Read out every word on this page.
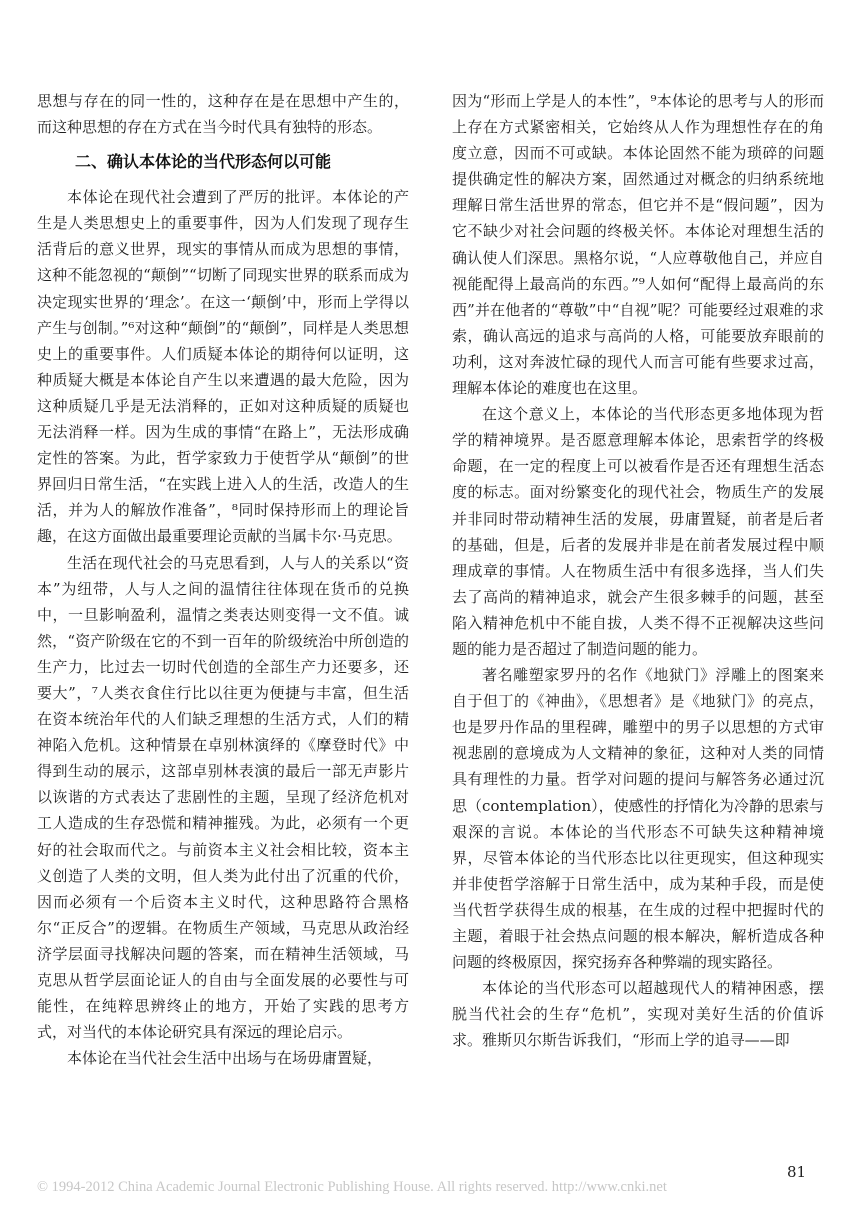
思想与存在的同一性的，这种存在是在思想中产生的，而这种思想的存在方式在当今时代具有独特的形态。

二、确认本体论的当代形态何以可能

本体论在现代社会遭到了严厉的批评。本体论的产生是人类思想史上的重要事件，因为人们发现了现存生活背后的意义世界，现实的事情从而成为思想的事情，这种不能忽视的“颠倒”“切断了同现实世界的联系而成为决定现实世界的‘理念’。在这一‘颠倒’中，形而上学得以产生与创制。”⁶对这种“颠倒”的“颠倒”，同样是人类思想史上的重要事件。人们质疑本体论的期待何以证明，这种质疑大概是本体论自产生以来遭遇的最大危险，因为这种质疑几乎是无法消释的，正如对这种质疑的质疑也无法消释一样。因为生成的事情“在路上”，无法形成确定性的答案。为此，哲学家致力于使哲学从“颠倒”的世界回归日常生活，“在实践上进入人的生活，改造人的生活，并为人的解放作准备”，⁸同时保持形而上的理论旨趣，在这方面做出最重要理论贡献的当属卡尔·马克思。

生活在现代社会的马克思看到，人与人的关系以“资本”为纽带，人与人之间的温情往往体现在货币的兑换中，一旦影响盈利，温情之类表达则变得一文不值。诚然，“资产阶级在它的不到一百年的阶级统治中所创造的生产力，比过去一切时代创造的全部生产力还要多，还要大”，⁷人类衣食住行比以往更为便捷与丰富，但生活在资本统治年代的人们缺乏理想的生活方式，人们的精神陷入危机。这种情景在卓别林演绎的《摩登时代》中得到生动的展示，这部卓别林表演的最后一部无声影片以诙谐的方式表达了悲剧性的主题，呈现了经济危机对工人造成的生存恐慌和精神摧残。为此，必须有一个更好的社会取而代之。与前资本主义社会相比较，资本主义创造了人类的文明，但人类为此付出了沉重的代价，因而必须有一个后资本主义时代，这种思路符合黑格尔“正反合”的逻辑。在物质生产领域，马克思从政治经济学层面寻找解决问题的答案，而在精神生活领域，马克思从哲学层面论证人的自由与全面发展的必要性与可能性，在纯粹思辨终止的地方，开始了实践的思考方式，对当代的本体论研究具有深远的理论启示。

本体论在当代社会生活中出场与在场毋庸置疑，

因为“形而上学是人的本性”，⁹本体论的思考与人的形而上存在方式紧密相关，它始终从人作为理想性存在的角度立意，因而不可或缺。本体论固然不能为琐碎的问题提供确定性的解决方案，固然通过对概念的归纳系统地理解日常生活世界的常态，但它并不是“假问题”，因为它不缺少对社会问题的终极关怀。本体论对理想生活的确认使人们深思。黑格尔说，“人应尊敬他自己，并应自视能配得上最高尚的东西。”⁹人如何“配得上最高尚的东西”并在他者的“尊敬”中“自视”呢？可能要经过艰难的求索，确认高远的追求与高尚的人格，可能要放弃眼前的功利，这对奔波忙碌的现代人而言可能有些要求过高，理解本体论的难度也在这里。

在这个意义上，本体论的当代形态更多地体现为哲学的精神境界。是否愿意理解本体论，思索哲学的终极命题，在一定的程度上可以被看作是否还有理想生活态度的标志。面对纷繁变化的现代社会，物质生产的发展并非同时带动精神生活的发展，毋庸置疑，前者是后者的基础，但是，后者的发展并非是在前者发展过程中顺理成章的事情。人在物质生活中有很多选择，当人们失去了高尚的精神追求，就会产生很多棘手的问题，甚至陷入精神危机中不能自拔，人类不得不正视解决这些问题的能力是否超过了制造问题的能力。

著名雕塑家罗丹的名作《地狱门》浮雕上的图案来自于但丁的《神曲》，《思想者》是《地狱门》的亮点，也是罗丹作品的里程碑，雕塑中的男子以思想的方式审视悲剧的意境成为人文精神的象征，这种对人类的同情具有理性的力量。哲学对问题的提问与解答务必通过沉思（contemplation），使感性的抒情化为冷静的思索与艰深的言说。本体论的当代形态不可缺失这种精神境界，尽管本体论的当代形态比以往更现实，但这种现实并非使哲学溶解于日常生活中，成为某种手段，而是使当代哲学获得生成的根基，在生成的过程中把握时代的主题，着眼于社会热点问题的根本解决，解析造成各种问题的终极原因，探究扬弃各种弊端的现实路径。

本体论的当代形态可以超越现代人的精神困惑，摆脱当代社会的生存“危机”，实现对美好生活的价值诉求。雅斯贝尔斯告诉我们，“形而上学的追寻——即

81
© 1994-2012 China Academic Journal Electronic Publishing House. All rights reserved. http://www.cnki.net
